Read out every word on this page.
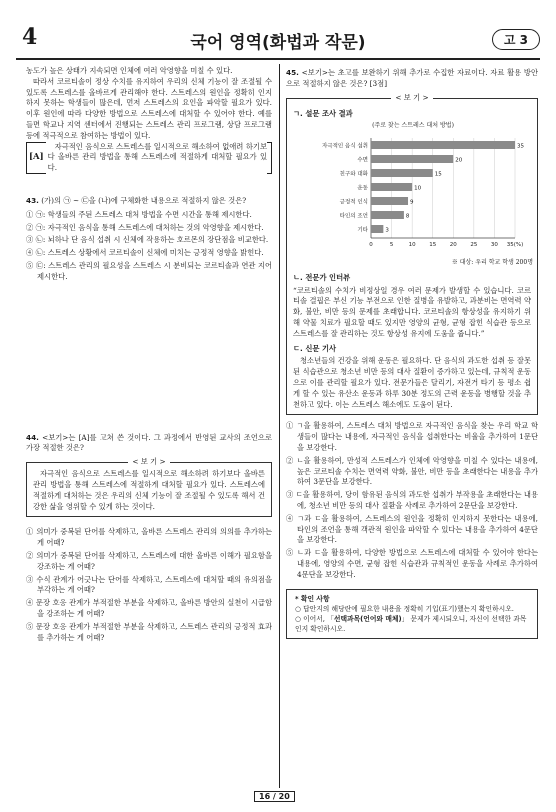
4	국어 영역(화법과 작문)	고 3

농도가 높은 상태가 지속되면 인체에 여러 악영향을 미칠 수 있다.

따라서 코르티솔이 정상 수치를 유지하여 우리의 신체 기능이 잘 조절될 수 있도록 스트레스를 올바르게 관리해야 한다. 스트레스의 원인을 정확히 인지하지 못하는 학생들이 많은데, 먼저 스트레스의 요인을 파악할 필요가 있다. 이후 원인에 따라 다양한 방법으로 스트레스에 대처할 수 있어야 한다. 예를 들면 학교나 지역 센터에서 진행되는 스트레스 관리 프로그램, 상담 프로그램 등에 적극적으로 참여하는 방법이 있다.

[A]

자극적인 음식으로 스트레스를 일시적으로 해소하여 없애려 하기보다 올바른 관리 방법을 통해 스트레스에 적절하게 대처할 필요가 있다.

43. (가)의 ㉠ ~ ㉢을 (나)에 구체화한 내용으로 적절하지 않은 것은?

① ㉠: 학생들의 주된 스트레스 대처 방법을 수면 시간을 통해 제시한다.
② ㉠: 자극적인 음식을 통해 스트레스에 대처하는 것의 악영향을 제시한다.
③ ㉡: 뇌하나 단 음식 섭취 시 신체에 작용하는 호르몬의 장단점을 비교한다.
④ ㉡: 스트레스 상황에서 코르티솔이 신체에 미치는 긍정적 영향을 밝힌다.
⑤ ㉢: 스트레스 관리의 필요성을 스트레스 시 분비되는 코르티솔과 연관 지어 제시한다.

44. <보기>는 [A]를 고쳐 쓴 것이다. 그 과정에서 반영된 교사의 조언으로 가장 적절한 것은?

< 보 기 >

자극적인 음식으로 스트레스를 일시적으로 해소하려 하기보다 올바른 관리 방법을 통해 스트레스에 적절하게 대처할 필요가 있다. 스트레스에 적절하게 대처하는 것은 우리의 신체 기능이 잘 조절될 수 있도록 해서 건강한 삶을 영위할 수 있게 하는 것이다.

① 의미가 중복된 단어를 삭제하고, 올바른 스트레스 관리의 의의를 추가하는 게 어때?
② 의미가 중복된 단어를 삭제하고, 스트레스에 대한 올바른 이해가 필요함을 강조하는 게 어때?
③ 수식 관계가 어긋나는 단어를 삭제하고, 스트레스에 대처할 때의 유의점을 부각하는 게 어때?
④ 문장 호응 관계가 부적절한 부분을 삭제하고, 올바른 방안의 실천이 시급함을 강조하는 게 어때?
⑤ 문장 호응 관계가 부적절한 부분을 삭제하고, 스트레스 관리의 긍정적 효과를 추가하는 게 어때?

45. <보기>는 초고를 보완하기 위해 추가로 수집한 자료이다. 자료 활용 방안으로 적절하지 않은 것은? [3점]

< 보 기 >
ㄱ. 설문 조사 결과
(주로 찾는 스트레스 대처 방법)
0	5	10 15 20 25 30 35(%)
자극적인 음식 섭취	35
수면	20
친구와 대화	15
운동	10
긍정적 인식	9
타인의 조언	8
기타	3
※ 대상: 우리 학교 학생 200명
ㄴ. 전문가 인터뷰

“코르티솔의 수치가 비정상일 경우 여러 문제가 발생할 수 있습니다. 코르티솔 결핍은 부신 기능 부전으로 인한 질병을 유발하고, 과분비는 면역력 약화, 불안, 비만 등의 문제를 초래합니다. 코르티솔의 항상성을 유지하기 위해 약물 치료가 필요할 때도 있지만 영양의 균형, 균형 잡힌 식습관 등으로 스트레스를 잘 관리하는 것도 항상성 유지에 도움을 줍니다.”

ㄷ. 신문 기사

청소년들의 건강을 위해 운동은 필요하다. 단 음식의 과도한 섭취 등 잘못된 식습관으로 청소년 비만 등의 대사 질환이 증가하고 있는데, 규칙적 운동으로 이를 관리할 필요가 있다. 전문가들은 달리기, 자전거 타기 등 평소 쉽게 할 수 있는 유산소 운동과 하루 30분 정도의 근력 운동을 병행할 것을 추천하고 있다. 이는 스트레스 해소에도 도움이 된다.

① ㄱ을 활용하여, 스트레스 대처 방법으로 자극적인 음식을 찾는 우리 학교 학생들이 많다는 내용에, 자극적인 음식을 섭취한다는 비율을 추가하여 1문단을 보강한다.
② ㄴ을 활용하여, 만성적 스트레스가 인체에 악영향을 미칠 수 있다는 내용에, 높은 코르티솔 수치는 면역력 약화, 불안, 비만 등을 초래한다는 내용을 추가하여 3문단을 보강한다.
③ ㄷ을 활용하여, 당이 함유된 음식의 과도한 섭취가 부작용을 초래한다는 내용에, 청소년 비만 등의 대사 질환을 사례로 추가하여 2문단을 보강한다.
④ ㄱ과 ㄷ을 활용하여, 스트레스의 원인을 정확히 인지하지 못한다는 내용에, 타인의 조언을 통해 객관적 원인을 파악할 수 있다는 내용을 추가하여 4문단을 보강한다.
⑤ ㄴ과 ㄷ을 활용하여, 다양한 방법으로 스트레스에 대처할 수 있어야 한다는 내용에, 영양의 수면, 균형 잡힌 식습관과 규칙적인 운동을 사례로 추가하여 4문단을 보강한다.
* 확인 사항
○ 답안지의 해당란에 필요한 내용을 정확히 기입(표기)했는지 확인하시오.
○ 이어서, 「선택과목(언어와 매체)」 문제가 제시되오니, 자신이 선택한 과목인지 확인하시오.
16 / 20
